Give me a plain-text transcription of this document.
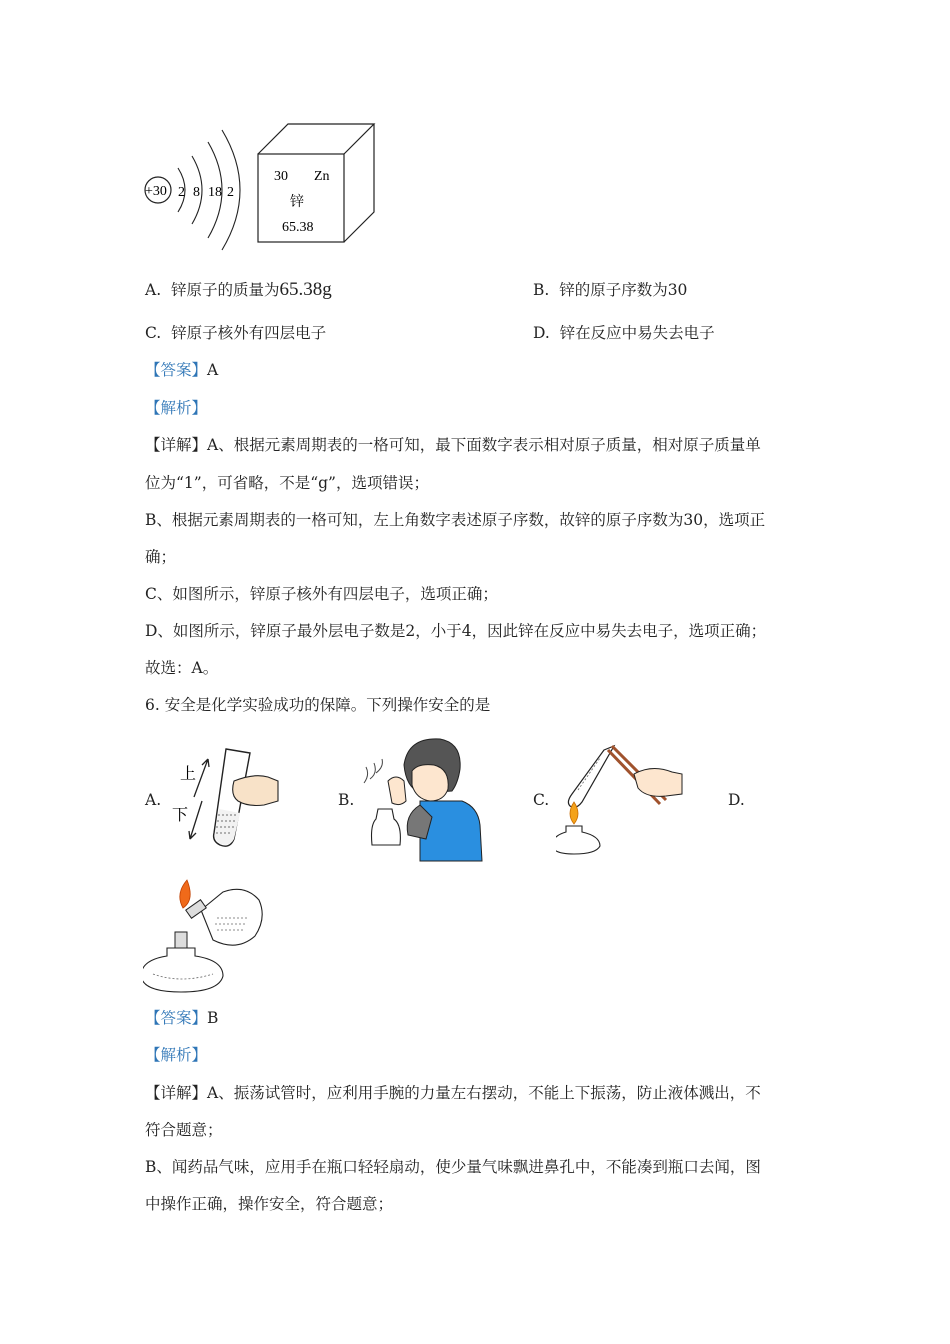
+30 2 8 18 2
30 Zn
锌
65.38
A. 锌原子的质量为65.38g	B. 锌的原子序数为30
C. 锌原子核外有四层电子	D. 锌在反应中易失去电子
【答案】A
【解析】
【详解】A、根据元素周期表的一格可知，最下面数字表示相对原子质量，相对原子质量单
位为“1”，可省略，不是“g”，选项错误；
B、根据元素周期表的一格可知，左上角数字表述原子序数，故锌的原子序数为30，选项正
确；
C、如图所示，锌原子核外有四层电子，选项正确；
D、如图所示，锌原子最外层电子数是2，小于4，因此锌在反应中易失去电子，选项正确；
故选：A。
6. 安全是化学实验成功的保障。下列操作安全的是
A.	B.	C.	D.
上
下
【答案】B
【解析】
【详解】A、振荡试管时，应利用手腕的力量左右摆动，不能上下振荡，防止液体溅出，不
符合题意；
B、闻药品气味，应用手在瓶口轻轻扇动，使少量气味飘进鼻孔中，不能凑到瓶口去闻，图
中操作正确，操作安全，符合题意；
